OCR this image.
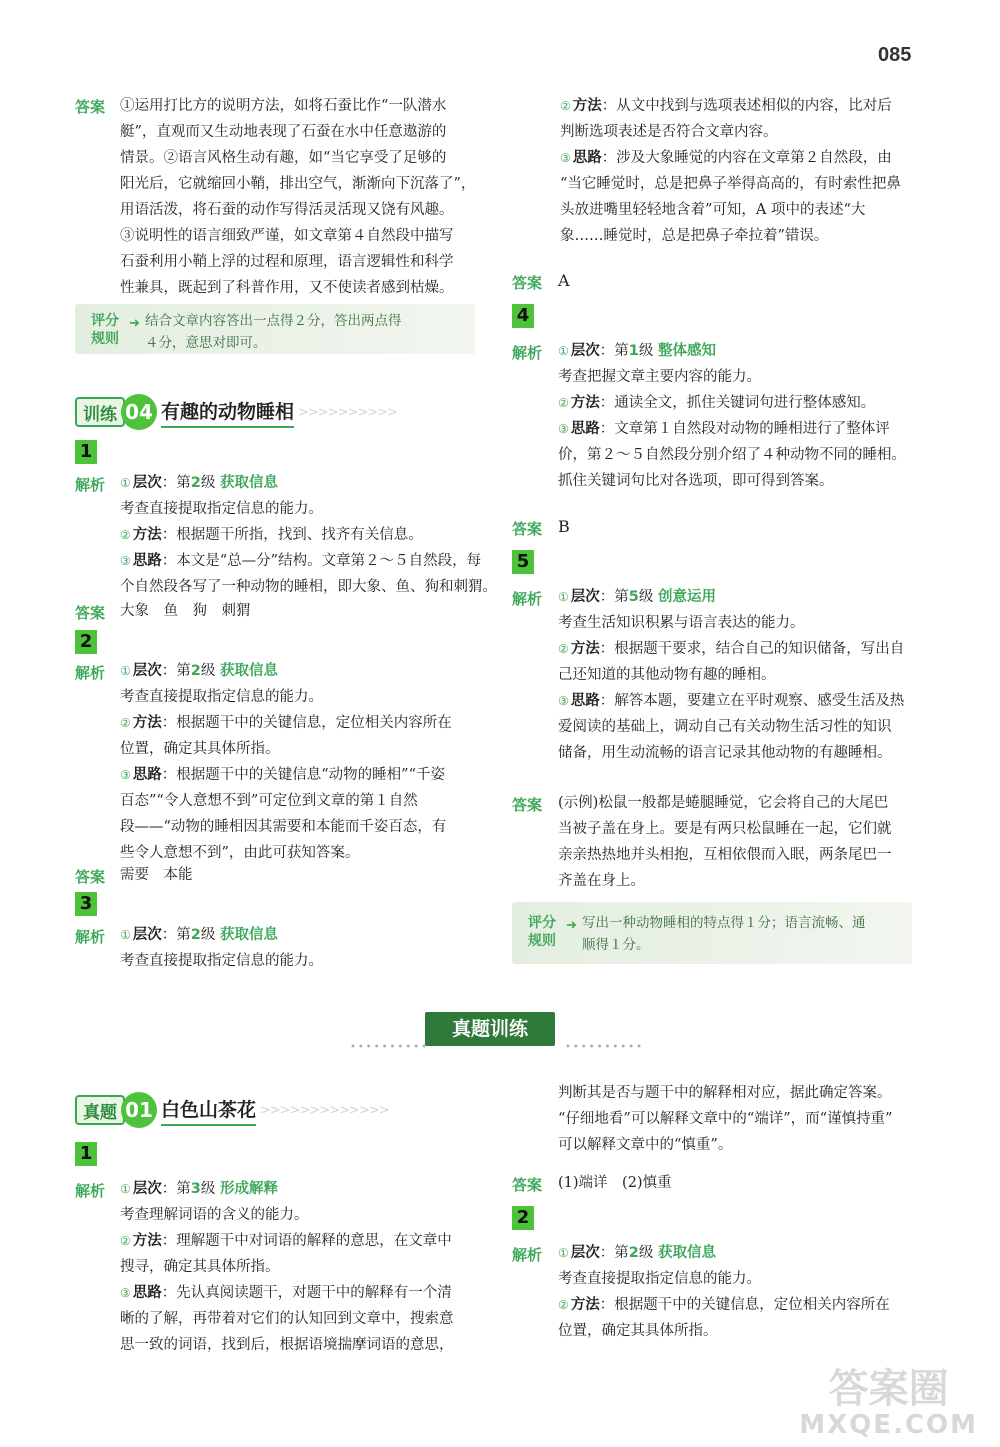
085
答案 ①运用打比方的说明方法，如将石蚕比作“一队潜水
艇”，直观而又生动地表现了石蚕在水中任意遨游的
情景。②语言风格生动有趣，如“当它享受了足够的
阳光后，它就缩回小鞘，排出空气，渐渐向下沉落了”，
用语活泼，将石蚕的动作写得活灵活现又饶有风趣。
③说明性的语言细致严谨，如文章第４自然段中描写
石蚕利用小鞘上浮的过程和原理，语言逻辑性和科学
性兼具，既起到了科普作用，又不使读者感到枯燥。
评分
规则
➜ 结合文章内容答出一点得２分，答出两点得
４分，意思对即可。
训练 04 有趣的动物睡相 >>>>>>>>>>
1
解析 ① 层次：第2级 获取信息
考查直接提取指定信息的能力。
② 方法：根据题干所指，找到、找齐有关信息。
③ 思路：本文是“总—分”结构。文章第２～５自然段，每
个自然段各写了一种动物的睡相，即大象、鱼、狗和刺猬。
答案 大象　鱼　狗　刺猬
2
解析 ① 层次：第2级 获取信息
考查直接提取指定信息的能力。
② 方法：根据题干中的关键信息，定位相关内容所在
位置，确定其具体所指。
③ 思路：根据题干中的关键信息“动物的睡相”“千姿
百态”“令人意想不到”可定位到文章的第１自然
段——“动物的睡相因其需要和本能而千姿百态，有
些令人意想不到”，由此可获知答案。
答案 需要　本能
3
解析 ① 层次：第2级 获取信息
考查直接提取指定信息的能力。
② 方法：从文中找到与选项表述相似的内容，比对后
判断选项表述是否符合文章内容。
③ 思路：涉及大象睡觉的内容在文章第２自然段，由
“当它睡觉时，总是把鼻子举得高高的，有时索性把鼻
头放进嘴里轻轻地含着”可知，A 项中的表述“大
象……睡觉时，总是把鼻子牵拉着”错误。
答案 A
4
解析 ① 层次：第1级 整体感知
考查把握文章主要内容的能力。
② 方法：通读全文，抓住关键词句进行整体感知。
③ 思路：文章第１自然段对动物的睡相进行了整体评
价，第２～５自然段分别介绍了４种动物不同的睡相。
抓住关键词句比对各选项，即可得到答案。
答案 B
5
解析 ① 层次：第5级 创意运用
考查生活知识积累与语言表达的能力。
② 方法：根据题干要求，结合自己的知识储备，写出自
己还知道的其他动物有趣的睡相。
③ 思路：解答本题，要建立在平时观察、感受生活及热
爱阅读的基础上，调动自己有关动物生活习性的知识
储备，用生动流畅的语言记录其他动物的有趣睡相。
答案 (示例)松鼠一般都是蜷腿睡觉，它会将自己的大尾巴
当被子盖在身上。要是有两只松鼠睡在一起，它们就
亲亲热热地并头相抱，互相依偎而入眠，两条尾巴一
齐盖在身上。
评分
规则
➜ 写出一种动物睡相的特点得１分；语言流畅、通
顺得１分。
真题训练
••••••••••	••••••••••
真题 01 白色山茶花 >>>>>>>>>>>>>
1
解析 ① 层次：第3级 形成解释
考查理解词语的含义的能力。
② 方法：理解题干中对词语的解释的意思，在文章中
搜寻，确定其具体所指。
③ 思路：先认真阅读题干，对题干中的解释有一个清
晰的了解，再带着对它们的认知回到文章中，搜索意
思一致的词语，找到后，根据语境揣摩词语的意思，
判断其是否与题干中的解释相对应，据此确定答案。
“仔细地看”可以解释文章中的“端详”，而“谨慎持重”
可以解释文章中的“慎重”。
答案 (1)端详　(2)慎重
2
解析 ① 层次：第2级 获取信息
考查直接提取指定信息的能力。
② 方法：根据题干中的关键信息，定位相关内容所在
位置，确定其具体所指。
答案圈
MXQE.COM
